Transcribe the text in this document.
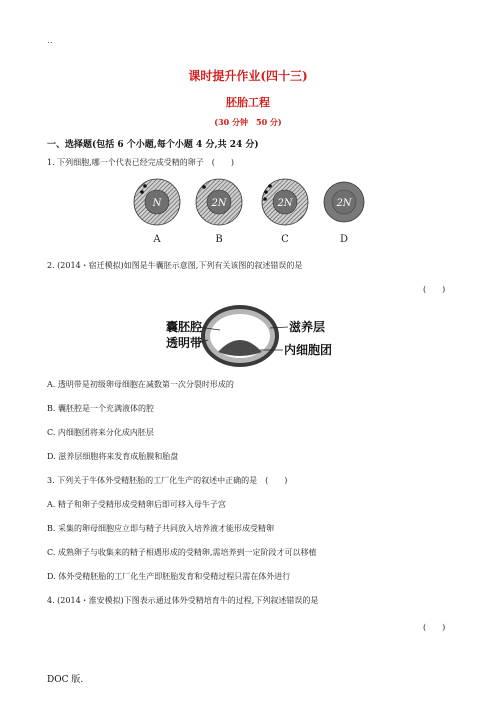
..
课时提升作业(四十三)
胚胎工程
(30 分钟　50 分)
一、选择题(包括 6 个小题,每个小题 4 分,共 24 分)
1. 下列细胞,哪一个代表已经完成受精的卵子　(　　)
N
A
2N
B
2N
C
2N
D
2. (2014・宿迁模拟)如图是牛囊胚示意图,下列有关该图的叙述错误的是
(　　)
囊胚腔
透明带
滋养层
内细胞团
A. 透明带是初级卵母细胞在减数第一次分裂时形成的
B. 囊胚腔是一个充满液体的腔
C. 内细胞团将来分化成内胚层
D. 滋养层细胞将来发育成胎膜和胎盘
3. 下列关于牛体外受精胚胎的工厂化生产的叙述中正确的是　(　　)
A. 精子和卵子受精形成受精卵后即可移入母牛子宫
B. 采集的卵母细胞应立即与精子共同放入培养液才能形成受精卵
C. 成熟卵子与收集来的精子相遇形成的受精卵,需培养到一定阶段才可以移植
D. 体外受精胚胎的工厂化生产即胚胎发育和受精过程只需在体外进行
4. (2014・淮安模拟)下图表示通过体外受精培育牛的过程,下列叙述错误的是
(　　)
DOC 版.
